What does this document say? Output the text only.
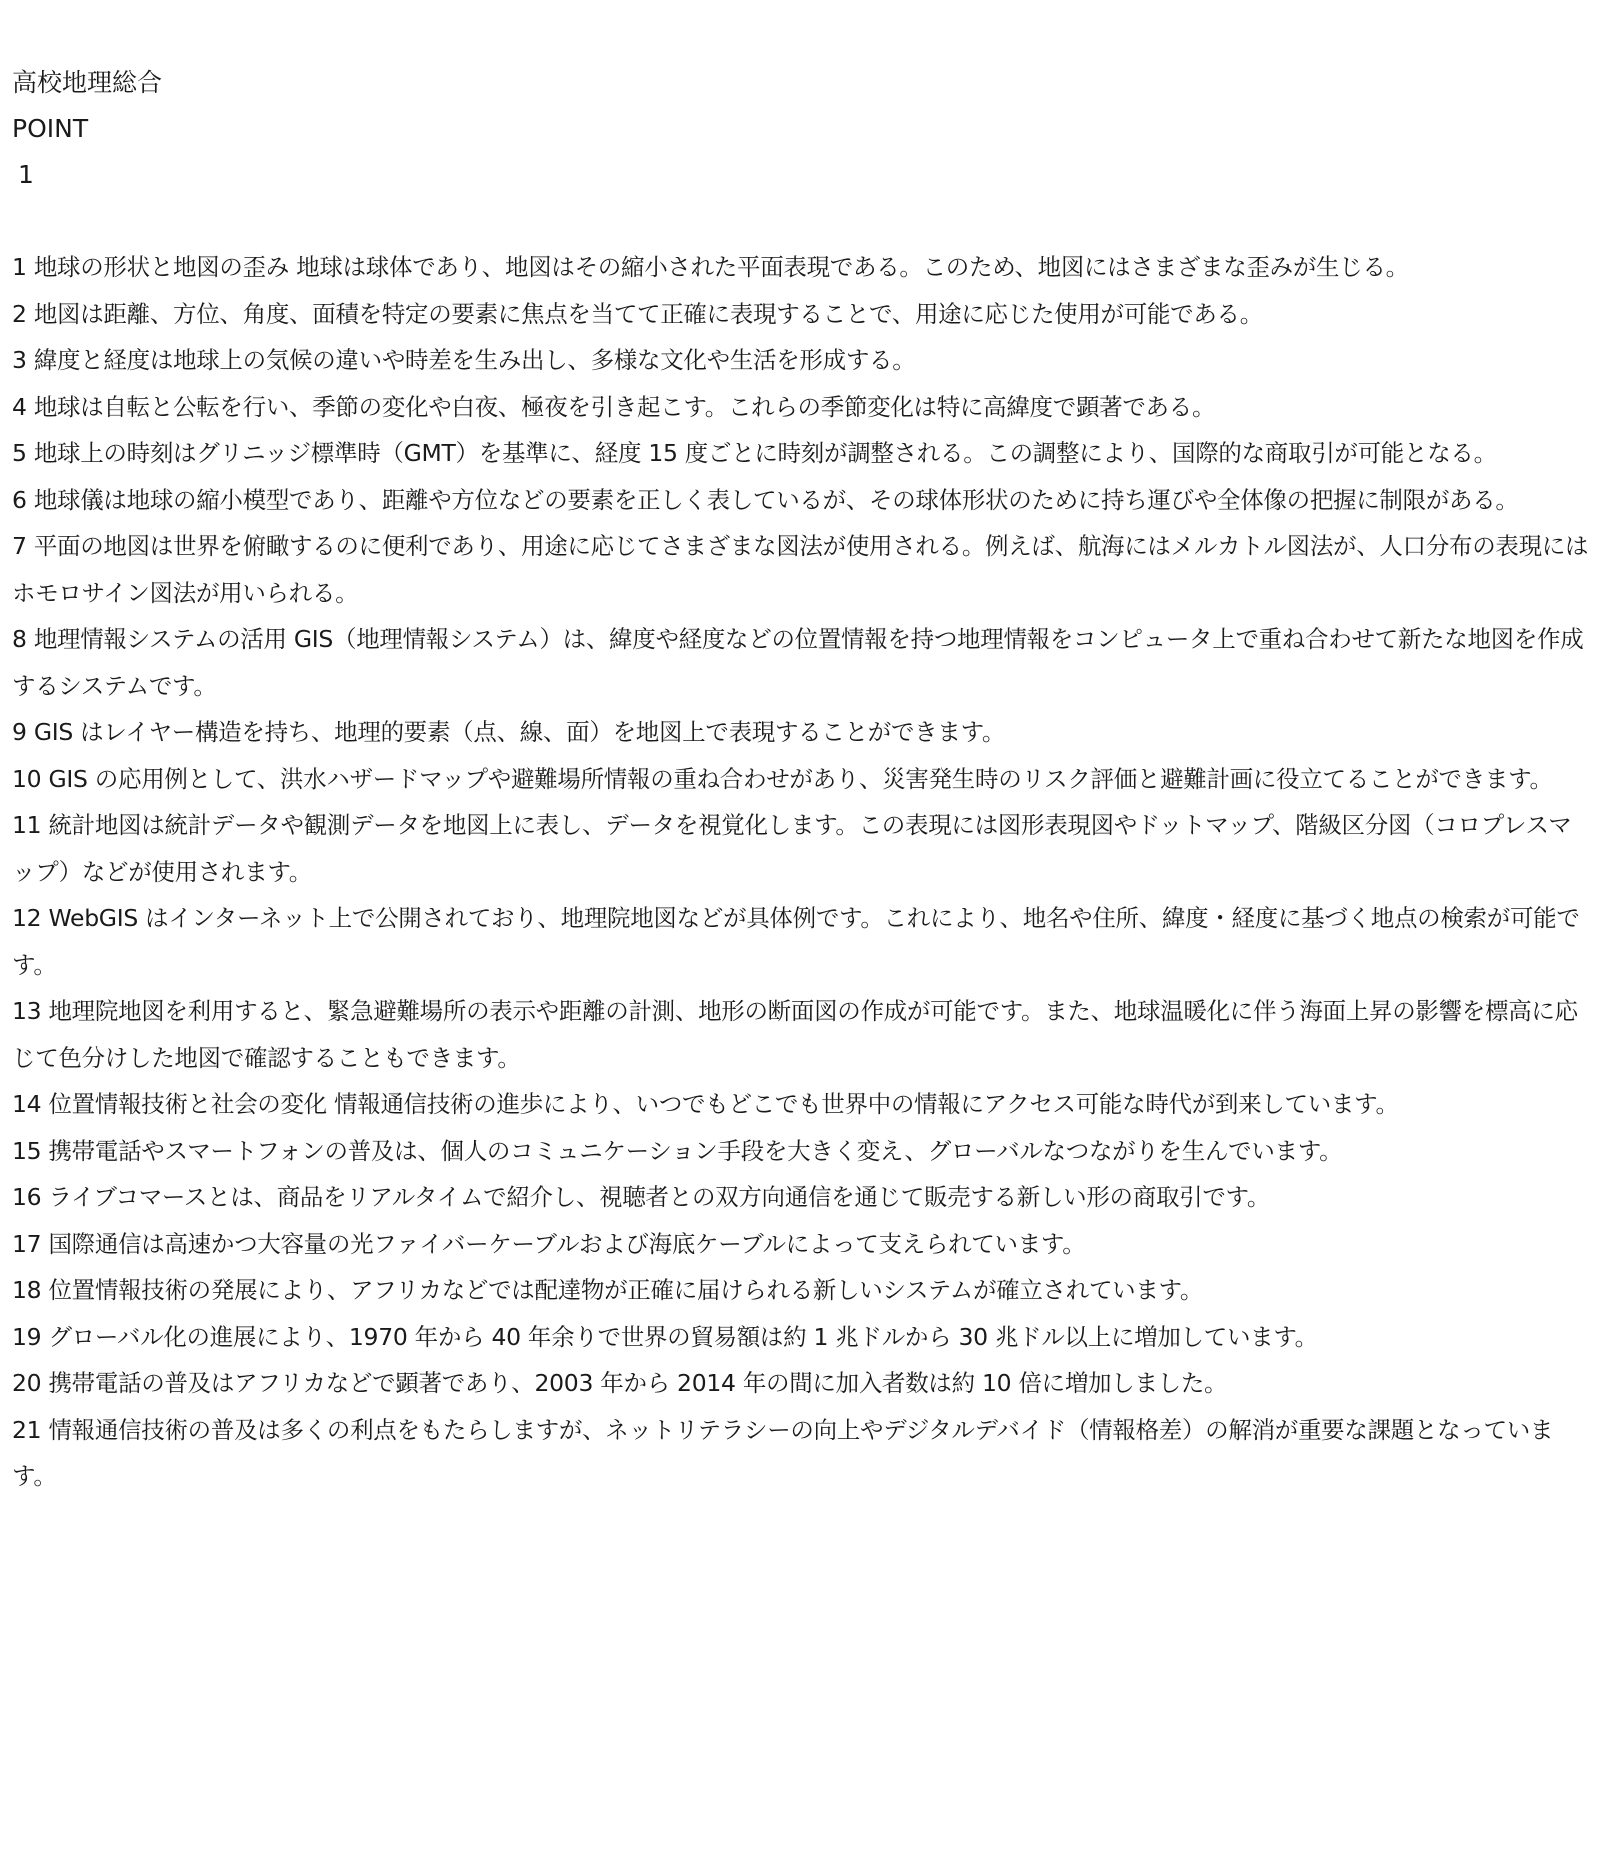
高校地理総合
POINT
1
1 地球の形状と地図の歪み 地球は球体であり、地図はその縮小された平面表現である。このため、地図にはさまざまな歪みが生じる。
2 地図は距離、方位、角度、面積を特定の要素に焦点を当てて正確に表現することで、用途に応じた使用が可能である。
3 緯度と経度は地球上の気候の違いや時差を生み出し、多様な文化や生活を形成する。
4 地球は自転と公転を行い、季節の変化や白夜、極夜を引き起こす。これらの季節変化は特に高緯度で顕著である。
5 地球上の時刻はグリニッジ標準時（GMT）を基準に、経度 15 度ごとに時刻が調整される。この調整により、国際的な商取引が可能となる。
6 地球儀は地球の縮小模型であり、距離や方位などの要素を正しく表しているが、その球体形状のために持ち運びや全体像の把握に制限がある。
7 平面の地図は世界を俯瞰するのに便利であり、用途に応じてさまざまな図法が使用される。例えば、航海にはメルカトル図法が、人口分布の表現にはホモロサイン図法が用いられる。
8 地理情報システムの活用 GIS（地理情報システム）は、緯度や経度などの位置情報を持つ地理情報をコンピュータ上で重ね合わせて新たな地図を作成するシステムです。
9 GIS はレイヤー構造を持ち、地理的要素（点、線、面）を地図上で表現することができます。
10 GIS の応用例として、洪水ハザードマップや避難場所情報の重ね合わせがあり、災害発生時のリスク評価と避難計画に役立てることができます。
11 統計地図は統計データや観測データを地図上に表し、データを視覚化します。この表現には図形表現図やドットマップ、階級区分図（コロプレスマップ）などが使用されます。
12 WebGIS はインターネット上で公開されており、地理院地図などが具体例です。これにより、地名や住所、緯度・経度に基づく地点の検索が可能です。
13 地理院地図を利用すると、緊急避難場所の表示や距離の計測、地形の断面図の作成が可能です。また、地球温暖化に伴う海面上昇の影響を標高に応じて色分けした地図で確認することもできます。
14 位置情報技術と社会の変化 情報通信技術の進歩により、いつでもどこでも世界中の情報にアクセス可能な時代が到来しています。
15 携帯電話やスマートフォンの普及は、個人のコミュニケーション手段を大きく変え、グローバルなつながりを生んでいます。
16 ライブコマースとは、商品をリアルタイムで紹介し、視聴者との双方向通信を通じて販売する新しい形の商取引です。
17 国際通信は高速かつ大容量の光ファイバーケーブルおよび海底ケーブルによって支えられています。
18 位置情報技術の発展により、アフリカなどでは配達物が正確に届けられる新しいシステムが確立されています。
19 グローバル化の進展により、1970 年から 40 年余りで世界の貿易額は約 1 兆ドルから 30 兆ドル以上に増加しています。
20 携帯電話の普及はアフリカなどで顕著であり、2003 年から 2014 年の間に加入者数は約 10 倍に増加しました。
21 情報通信技術の普及は多くの利点をもたらしますが、ネットリテラシーの向上やデジタルデバイド（情報格差）の解消が重要な課題となっています。
